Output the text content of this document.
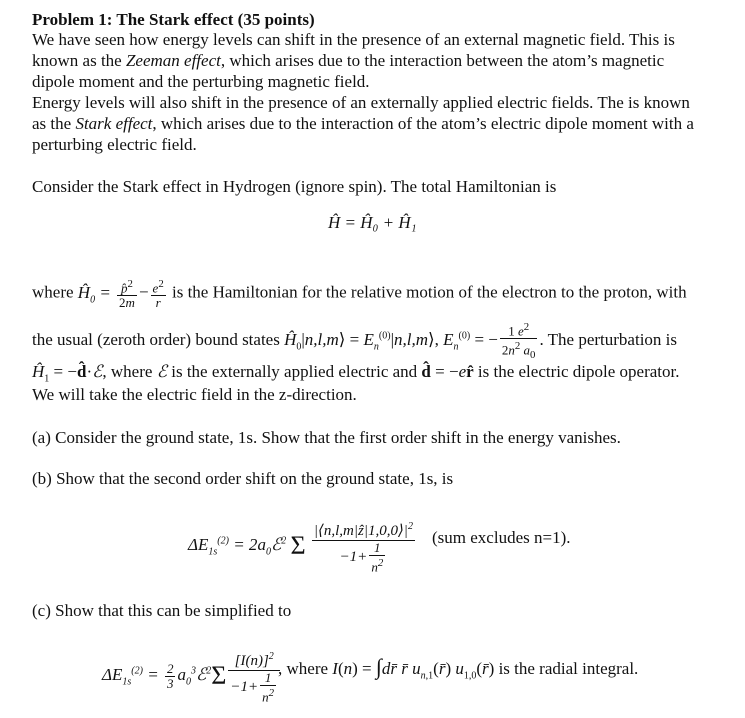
Problem 1: The Stark effect (35 points)
We have seen how energy levels can shift in the presence of an external magnetic field. This is
known as the Zeeman effect, which arises due to the interaction between the atom’s magnetic
dipole moment and the perturbing magnetic field.
Energy levels will also shift in the presence of an externally applied electric fields. The is known
as the Stark effect, which arises due to the interaction of the atom’s electric dipole moment with a
perturbing electric field.
Consider the Stark effect in Hydrogen (ignore spin). The total Hamiltonian is
Ĥ = Ĥ₀ + Ĥ₁
where $Ĥ_0 = \frac{p̂^2}{2m} - \frac{e^2}{r}$ is the Hamiltonian for the relative motion of the electron to the proton, with
the usual (zeroth order) bound states $Ĥ_0|n,l,m⟩$ = $E_n^{(0)}|n,l,m⟩$, $E_n^{(0)}$ = − $\frac{1 e^2}{2n^2 a_0}$ . The perturbation is
$Ĥ_1$ = −d̂·ℰ, where ℰ is the externally applied electric and d̂ = −er̂ is the electric dipole operator.
We will take the electric field in the z-direction.
(a) Consider the ground state, 1s. Show that the first order shift in the energy vanishes.
(b) Show that the second order shift on the ground state, 1s, is
$\Delta E_{1s}^{(2)}$ = $2a_0ℰ^2$ Σ $\frac{|⟨n,l,m|ẑ|1,0,0⟩|^2}{-1+ \frac{1}{n^2}} (sum$ excludes n=1).
(c) Show that this can be simplified to
$\Delta E_{1s}^{(2)} = \frac{2}{3}$ $a_0^3ℰ^2\Sigma \frac{[I(n)]^2}{-1+ \frac{1}{n^2}}$
, where I(n) = ∫dr̄ r̄ $u_{n,1}(r̄)$ $u_{1,0}(r̄)$ is the radial integral.
